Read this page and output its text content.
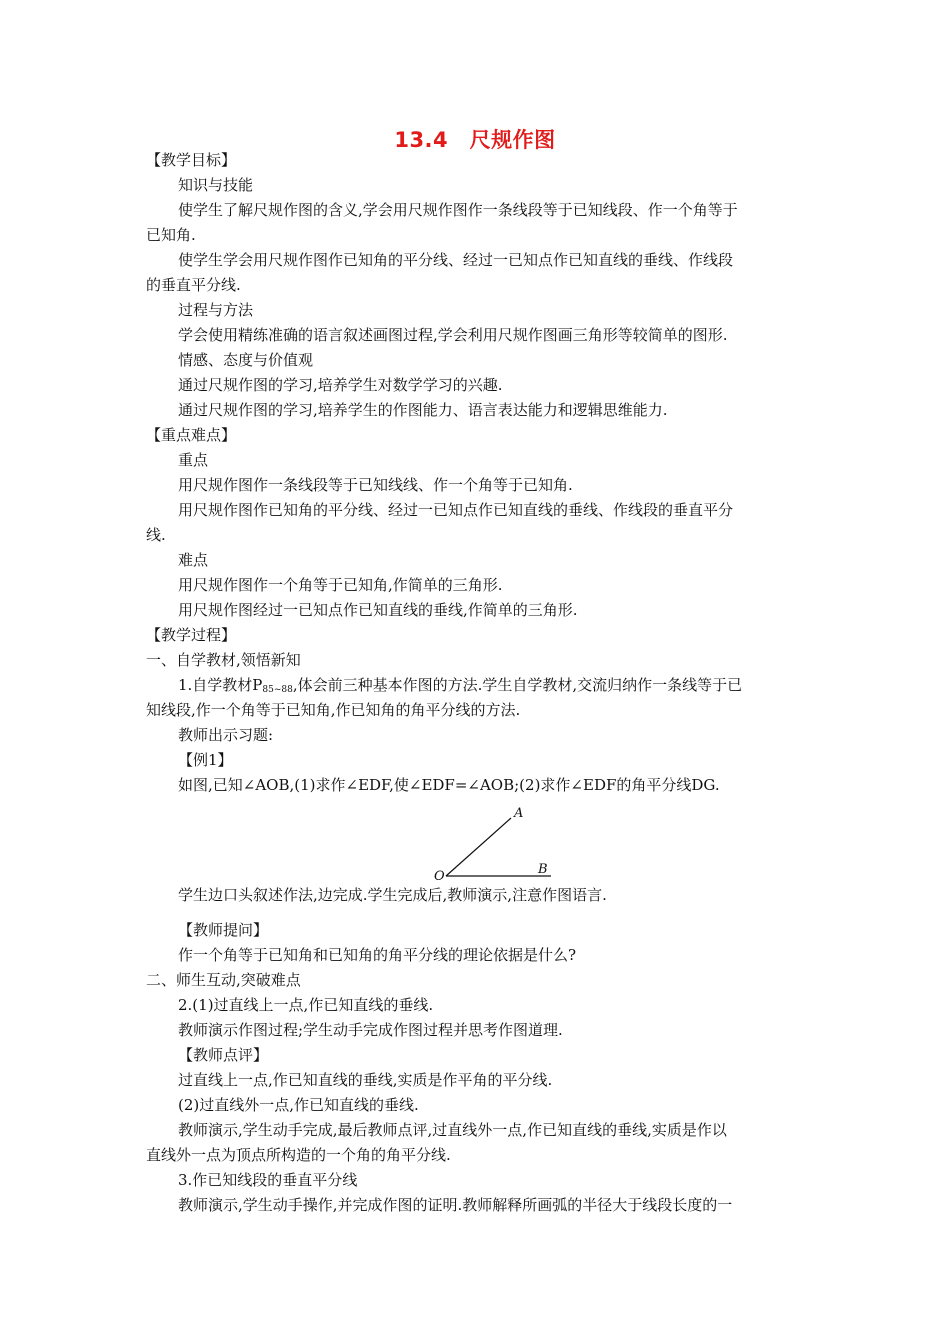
13.4　尺规作图
【教学目标】
知识与技能
使学生了解尺规作图的含义,学会用尺规作图作一条线段等于已知线段、作一个角等于
已知角.
使学生学会用尺规作图作已知角的平分线、经过一已知点作已知直线的垂线、作线段
的垂直平分线.
过程与方法
学会使用精练准确的语言叙述画图过程,学会利用尺规作图画三角形等较简单的图形.
情感、态度与价值观
通过尺规作图的学习,培养学生对数学学习的兴趣.
通过尺规作图的学习,培养学生的作图能力、语言表达能力和逻辑思维能力.
【重点难点】
重点
用尺规作图作一条线段等于已知线线、作一个角等于已知角.
用尺规作图作已知角的平分线、经过一已知点作已知直线的垂线、作线段的垂直平分
线.
难点
用尺规作图作一个角等于已知角,作简单的三角形.
用尺规作图经过一已知点作已知直线的垂线,作简单的三角形.
【教学过程】
一、自学教材,领悟新知
1.自学教材$P_{85\sim 88}$,体会前三种基本作图的方法.学生自学教材,交流归纳作一条线等于已
知线段,作一个角等于已知角,作已知角的角平分线的方法.
教师出示习题:
【例1】
如图,已知∠AOB,(1)求作∠EDF,使∠EDF=∠AOB;(2)求作∠EDF的角平分线DG.
A
O	B
学生边口头叙述作法,边完成.学生完成后,教师演示,注意作图语言.
【教师提问】
作一个角等于已知角和已知角的角平分线的理论依据是什么?
二、师生互动,突破难点
2.(1)过直线上一点,作已知直线的垂线.
教师演示作图过程;学生动手完成作图过程并思考作图道理.
【教师点评】
过直线上一点,作已知直线的垂线,实质是作平角的平分线.
(2)过直线外一点,作已知直线的垂线.
教师演示,学生动手完成,最后教师点评,过直线外一点,作已知直线的垂线,实质是作以
直线外一点为顶点所构造的一个角的角平分线.
3.作已知线段的垂直平分线
教师演示,学生动手操作,并完成作图的证明.教师解释所画弧的半径大于线段长度的一
